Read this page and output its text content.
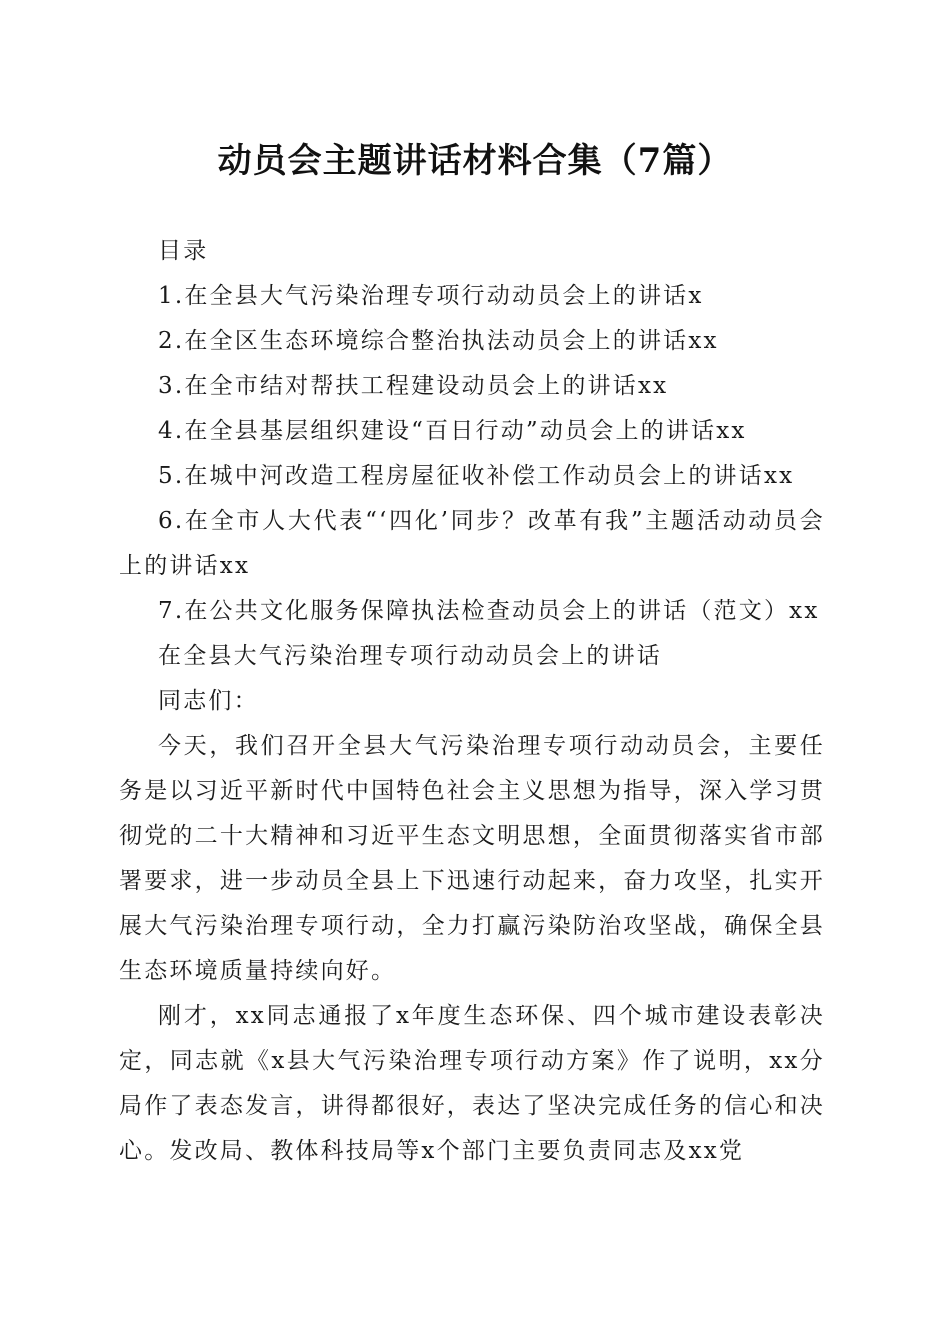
动员会主题讲话材料合集（7篇）

目录

1.在全县大气污染治理专项行动动员会上的讲话x

2.在全区生态环境综合整治执法动员会上的讲话xx

3.在全市结对帮扶工程建设动员会上的讲话xx

4.在全县基层组织建设“百日行动”动员会上的讲话xx

5.在城中河改造工程房屋征收补偿工作动员会上的讲话xx

6.在全市人大代表“‘四化’同步？改革有我”主题活动动员会上的讲话xx

7.在公共文化服务保障执法检查动员会上的讲话（范文）xx

在全县大气污染治理专项行动动员会上的讲话

同志们：

今天，我们召开全县大气污染治理专项行动动员会，主要任务是以习近平新时代中国特色社会主义思想为指导，深入学习贯彻党的二十大精神和习近平生态文明思想，全面贯彻落实省市部署要求，进一步动员全县上下迅速行动起来，奋力攻坚，扎实开展大气污染治理专项行动，全力打赢污染防治攻坚战，确保全县生态环境质量持续向好。

刚才，xx同志通报了x年度生态环保、四个城市建设表彰决定，同志就《x县大气污染治理专项行动方案》作了说明，xx分局作了表态发言，讲得都很好，表达了坚决完成任务的信心和决心。发改局、教体科技局等x个部门主要负责同志及xx党
